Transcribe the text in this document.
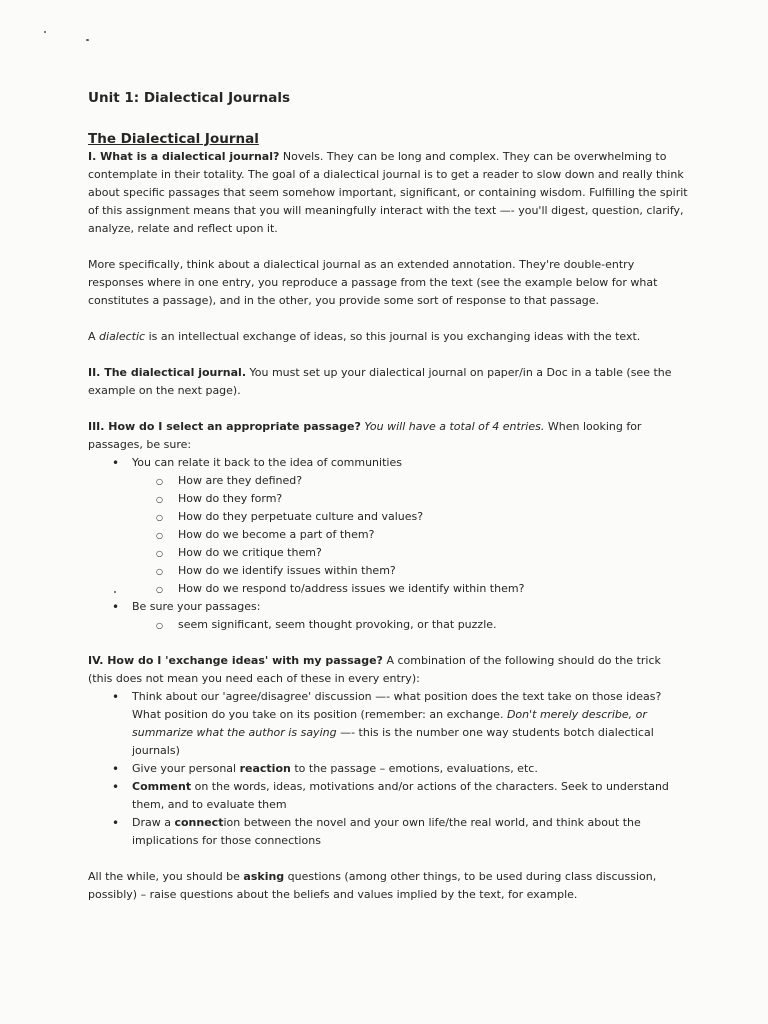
Unit 1: Dialectical Journals
The Dialectical Journal

I. What is a dialectical journal? Novels. They can be long and complex. They can be overwhelming to contemplate in their totality. The goal of a dialectical journal is to get a reader to slow down and really think about specific passages that seem somehow important, significant, or containing wisdom. Fulfilling the spirit of this assignment means that you will meaningfully interact with the text —- you'll digest, question, clarify, analyze, relate and reflect upon it.

More specifically, think about a dialectical journal as an extended annotation. They're double-entry responses where in one entry, you reproduce a passage from the text (see the example below for what constitutes a passage), and in the other, you provide some sort of response to that passage.

A dialectic is an intellectual exchange of ideas, so this journal is you exchanging ideas with the text.

II. The dialectical journal. You must set up your dialectical journal on paper/in a Doc in a table (see the example on the next page).

III. How do I select an appropriate passage? You will have a total of 4 entries. When looking for passages, be sure:

• You can relate it back to the idea of communities
○ How are they defined?
○ How do they form?
○ How do they perpetuate culture and values?
○ How do we become a part of them?
○ How do we critique them?
○ How do we identify issues within them?
○ How do we respond to/address issues we identify within them?
• Be sure your passages:
○ seem significant, seem thought provoking, or that puzzle.

IV. How do I 'exchange ideas' with my passage? A combination of the following should do the trick (this does not mean you need each of these in every entry):

• Think about our 'agree/disagree' discussion —- what position does the text take on those ideas? What position do you take on its position (remember: an exchange. Don't merely describe, or summarize what the author is saying —- this is the number one way students botch dialectical journals)
• Give your personal reaction to the passage – emotions, evaluations, etc.
• Comment on the words, ideas, motivations and/or actions of the characters. Seek to understand them, and to evaluate them
• Draw a connection between the novel and your own life/the real world, and think about the implications for those connections

All the while, you should be asking questions (among other things, to be used during class discussion, possibly) – raise questions about the beliefs and values implied by the text, for example.
